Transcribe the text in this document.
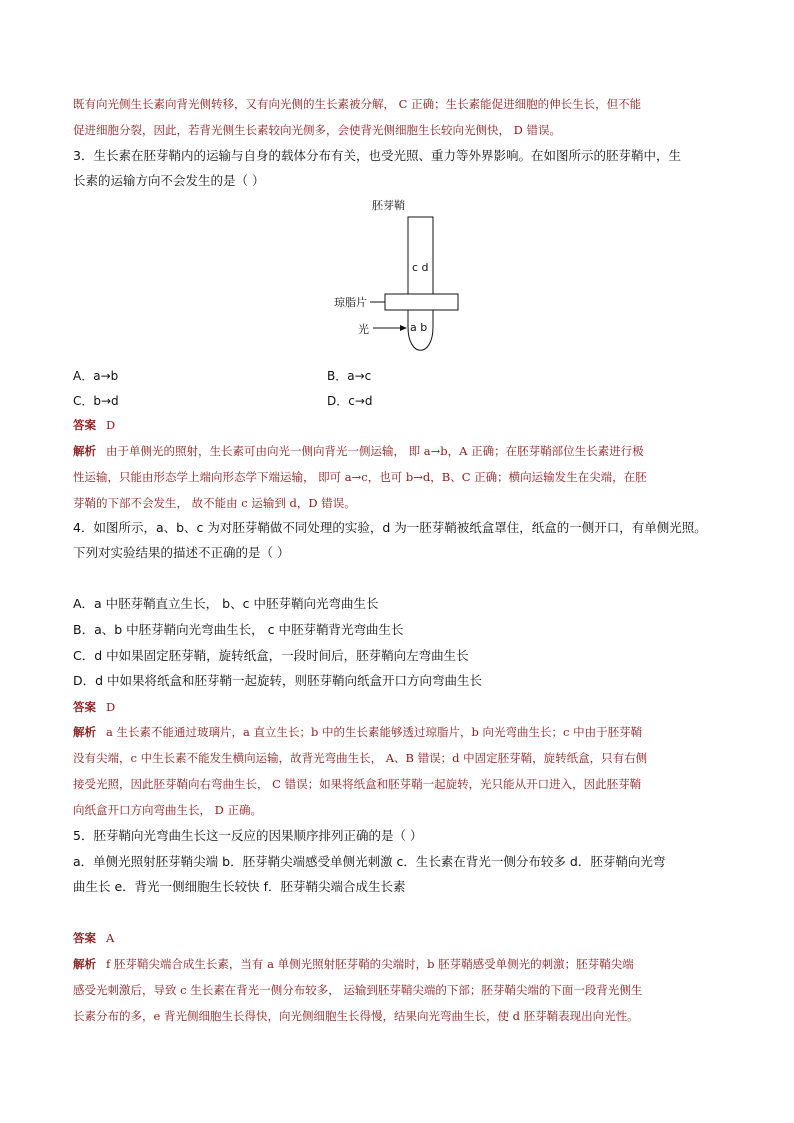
既有向光侧生长素向背光侧转移，又有向光侧的生长素被分解， C 正确；生长素能促进细胞的伸长生长，但不能
促进细胞分裂，因此，若背光侧生长素较向光侧多，会使背光侧细胞生长较向光侧快， D 错误。
3．生长素在胚芽鞘内的运输与自身的载体分布有关，也受光照、重力等外界影响。在如图所示的胚芽鞘中，生
长素的运输方向不会发生的是（ ）
胚芽鞘
c d
琼脂片
a b
光
A．a→b	B．a→c
C．b→d	D．c→d
答案 D
解析 由于单侧光的照射，生长素可由向光一侧向背光一侧运输， 即 a→b，A 正确；在胚芽鞘部位生长素进行极
性运输，只能由形态学上端向形态学下端运输， 即可 a→c，也可 b→d，B、C 正确；横向运输发生在尖端，在胚
芽鞘的下部不会发生， 故不能由 c 运输到 d，D 错误。
4．如图所示，a、b、c 为对胚芽鞘做不同处理的实验，d 为一胚芽鞘被纸盒罩住，纸盒的一侧开口，有单侧光照。
下列对实验结果的描述不正确的是（ ）
A．a 中胚芽鞘直立生长， b、c 中胚芽鞘向光弯曲生长
B．a、b 中胚芽鞘向光弯曲生长， c 中胚芽鞘背光弯曲生长
C．d 中如果固定胚芽鞘，旋转纸盒，一段时间后，胚芽鞘向左弯曲生长
D．d 中如果将纸盒和胚芽鞘一起旋转，则胚芽鞘向纸盒开口方向弯曲生长
答案 D
解析 a 生长素不能通过玻璃片，a 直立生长；b 中的生长素能够透过琼脂片，b 向光弯曲生长；c 中由于胚芽鞘
没有尖端，c 中生长素不能发生横向运输，故背光弯曲生长， A、B 错误；d 中固定胚芽鞘，旋转纸盒，只有右侧
接受光照，因此胚芽鞘向右弯曲生长， C 错误；如果将纸盒和胚芽鞘一起旋转，光只能从开口进入，因此胚芽鞘
向纸盒开口方向弯曲生长， D 正确。
5．胚芽鞘向光弯曲生长这一反应的因果顺序排列正确的是（ ）
a．单侧光照射胚芽鞘尖端 b．胚芽鞘尖端感受单侧光刺激 c．生长素在背光一侧分布较多 d．胚芽鞘向光弯
曲生长 e．背光一侧细胞生长较快 f．胚芽鞘尖端合成生长素
答案 A
解析 f 胚芽鞘尖端合成生长素，当有 a 单侧光照射胚芽鞘的尖端时，b 胚芽鞘感受单侧光的刺激；胚芽鞘尖端
感受光刺激后，导致 c 生长素在背光一侧分布较多， 运输到胚芽鞘尖端的下部；胚芽鞘尖端的下面一段背光侧生
长素分布的多，e 背光侧细胞生长得快，向光侧细胞生长得慢，结果向光弯曲生长，使 d 胚芽鞘表现出向光性。
